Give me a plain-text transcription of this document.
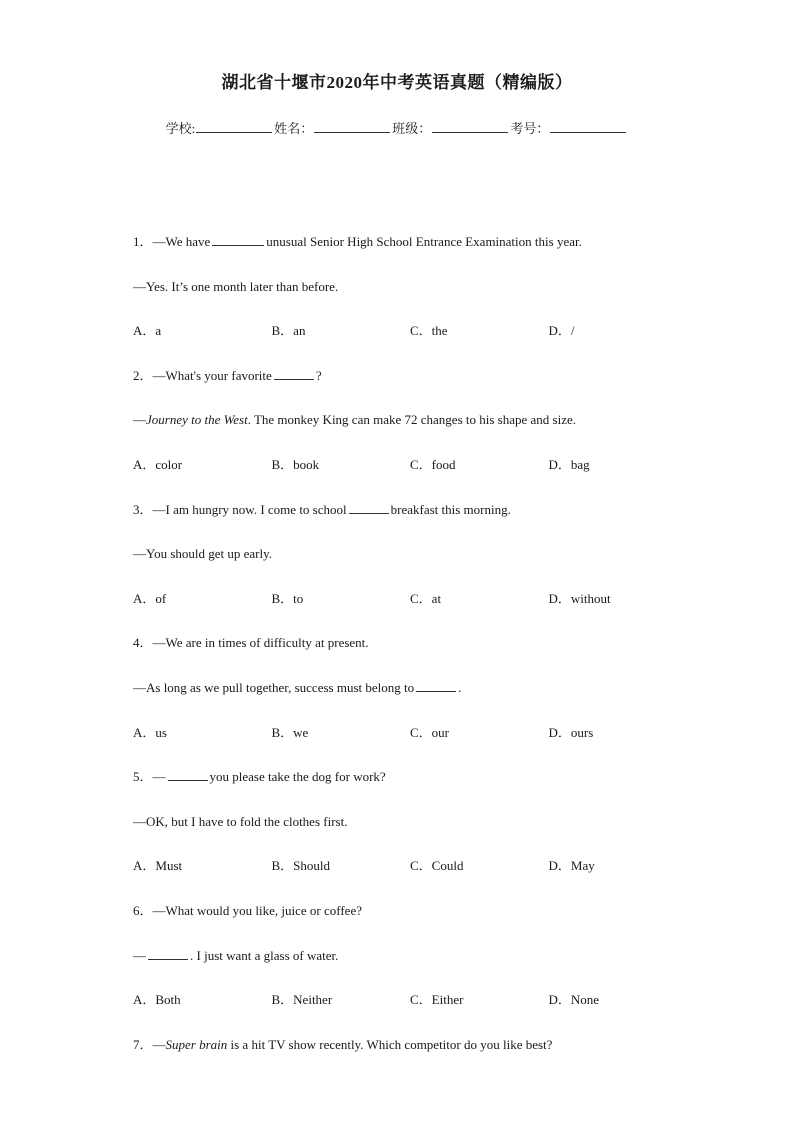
湖北省十堰市2020年中考英语真题（精编版）
学校:	姓名：	班级：	考号：
1．—We have	unusual Senior High School Entrance Examination this year.
—Yes. It’s one month later than before.
A．a	B．an	C．the	D．/
2．—What's your favorite	?
—Journey to the West. The monkey King can make 72 changes to his shape and size.
A．color	B．book	C．food	D．bag
3．—I am hungry now. I come to school	breakfast this morning.
—You should get up early.
A．of	B．to	C．at	D．without
4．—We are in times of difficulty at present.
—As long as we pull together, success must belong to	.
A．us	B．we	C．our	D．ours
5．—	you please take the dog for work?
—OK, but I have to fold the clothes first.
A．Must	B．Should	C．Could	D．May
6．—What would you like, juice or coffee?
—	. I just want a glass of water.
A．Both	B．Neither	C．Either	D．None
7．—Super brain is a hit TV show recently. Which competitor do you like best?
